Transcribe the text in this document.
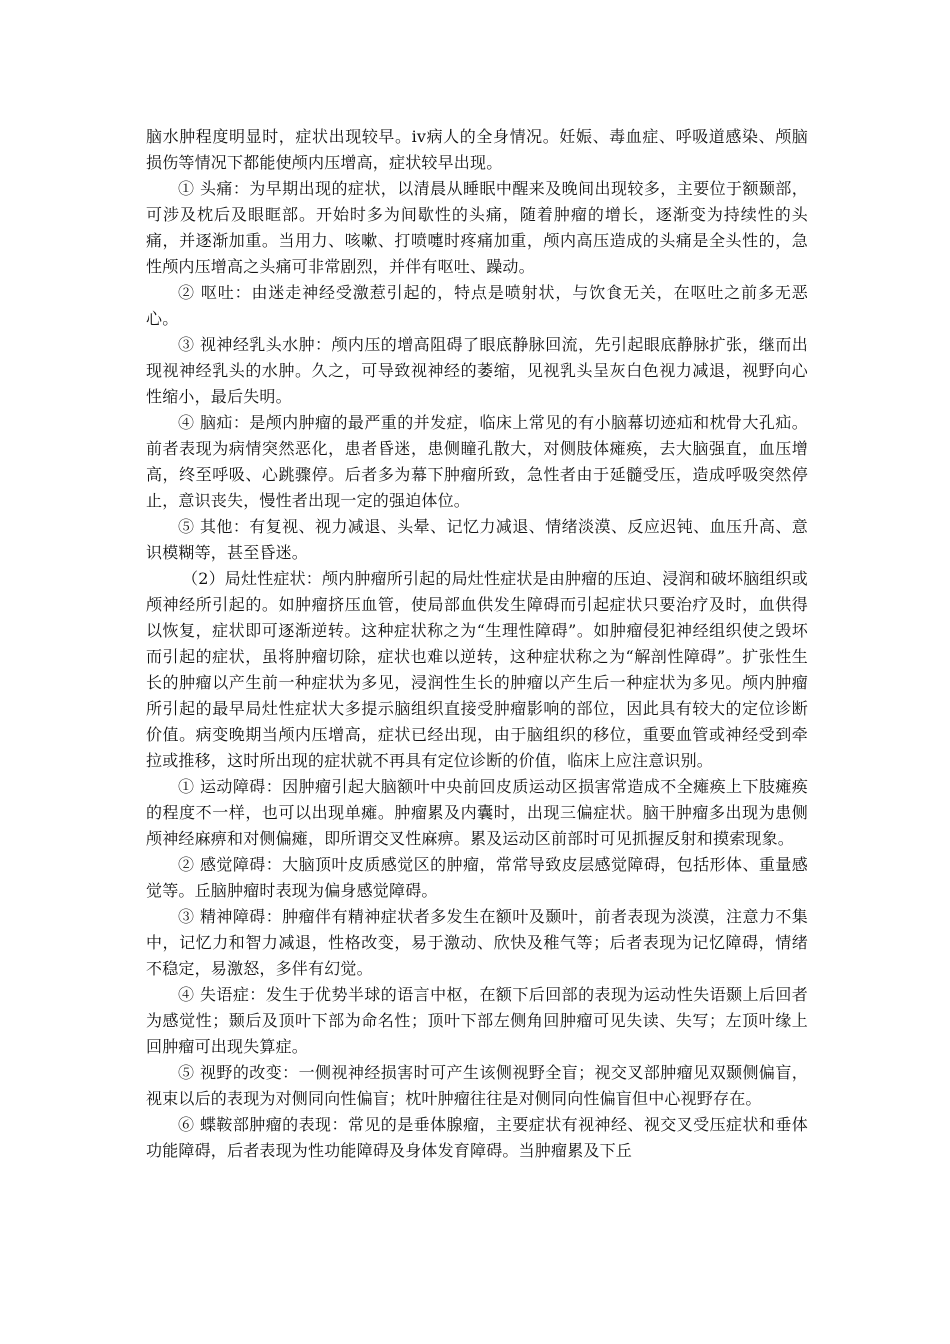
脑水肿程度明显时，症状出现较早。iv病人的全身情况。妊娠、毒血症、呼吸道感染、颅脑损伤等情况下都能使颅内压增高，症状较早出现。

① 头痛：为早期出现的症状，以清晨从睡眠中醒来及晚间出现较多，主要位于额颞部，可涉及枕后及眼眶部。开始时多为间歇性的头痛，随着肿瘤的增长，逐渐变为持续性的头痛，并逐渐加重。当用力、咳嗽、打喷嚏时疼痛加重，颅内高压造成的头痛是全头性的，急性颅内压增高之头痛可非常剧烈，并伴有呕吐、躁动。

② 呕吐：由迷走神经受激惹引起的，特点是喷射状，与饮食无关，在呕吐之前多无恶心。

③ 视神经乳头水肿：颅内压的增高阻碍了眼底静脉回流，先引起眼底静脉扩张，继而出现视神经乳头的水肿。久之，可导致视神经的萎缩，见视乳头呈灰白色视力减退，视野向心性缩小，最后失明。

④ 脑疝：是颅内肿瘤的最严重的并发症，临床上常见的有小脑幕切迹疝和枕骨大孔疝。前者表现为病情突然恶化，患者昏迷，患侧瞳孔散大，对侧肢体瘫痪，去大脑强直，血压增高，终至呼吸、心跳骤停。后者多为幕下肿瘤所致，急性者由于延髓受压，造成呼吸突然停止，意识丧失，慢性者出现一定的强迫体位。

⑤ 其他：有复视、视力减退、头晕、记忆力减退、情绪淡漠、反应迟钝、血压升高、意识模糊等，甚至昏迷。

（2）局灶性症状：颅内肿瘤所引起的局灶性症状是由肿瘤的压迫、浸润和破坏脑组织或颅神经所引起的。如肿瘤挤压血管，使局部血供发生障碍而引起症状只要治疗及时，血供得以恢复，症状即可逐渐逆转。这种症状称之为“生理性障碍”。如肿瘤侵犯神经组织使之毁坏而引起的症状，虽将肿瘤切除，症状也难以逆转，这种症状称之为“解剖性障碍”。扩张性生长的肿瘤以产生前一种症状为多见，浸润性生长的肿瘤以产生后一种症状为多见。颅内肿瘤所引起的最早局灶性症状大多提示脑组织直接受肿瘤影响的部位，因此具有较大的定位诊断价值。病变晚期当颅内压增高，症状已经出现，由于脑组织的移位，重要血管或神经受到牵拉或推移，这时所出现的症状就不再具有定位诊断的价值，临床上应注意识别。

① 运动障碍：因肿瘤引起大脑额叶中央前回皮质运动区损害常造成不全瘫痪上下肢瘫痪的程度不一样，也可以出现单瘫。肿瘤累及内囊时，出现三偏症状。脑干肿瘤多出现为患侧颅神经麻痹和对侧偏瘫，即所谓交叉性麻痹。累及运动区前部时可见抓握反射和摸索现象。

② 感觉障碍：大脑顶叶皮质感觉区的肿瘤，常常导致皮层感觉障碍，包括形体、重量感觉等。丘脑肿瘤时表现为偏身感觉障碍。

③ 精神障碍：肿瘤伴有精神症状者多发生在额叶及颞叶，前者表现为淡漠，注意力不集中，记忆力和智力减退，性格改变，易于激动、欣快及稚气等；后者表现为记忆障碍，情绪不稳定，易激怒，多伴有幻觉。

④ 失语症：发生于优势半球的语言中枢，在额下后回部的表现为运动性失语颞上后回者为感觉性；颞后及顶叶下部为命名性；顶叶下部左侧角回肿瘤可见失读、失写；左顶叶缘上回肿瘤可出现失算症。

⑤ 视野的改变：一侧视神经损害时可产生该侧视野全盲；视交叉部肿瘤见双颞侧偏盲，视束以后的表现为对侧同向性偏盲；枕叶肿瘤往往是对侧同向性偏盲但中心视野存在。

⑥ 蝶鞍部肿瘤的表现：常见的是垂体腺瘤，主要症状有视神经、视交叉受压症状和垂体功能障碍，后者表现为性功能障碍及身体发育障碍。当肿瘤累及下丘
